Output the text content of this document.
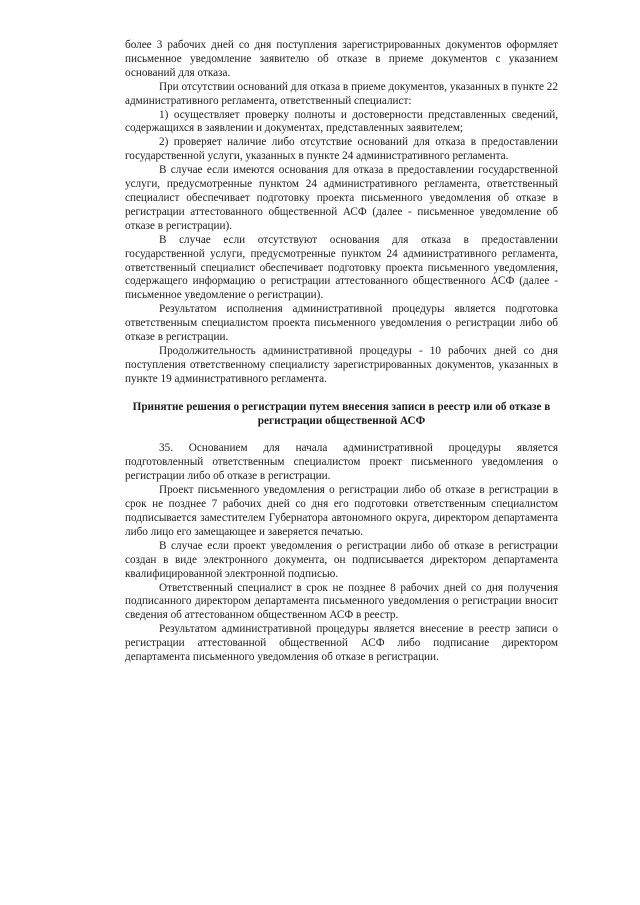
более 3 рабочих дней со дня поступления зарегистрированных документов оформляет письменное уведомление заявителю об отказе в приеме документов с указанием оснований для отказа.

При отсутствии оснований для отказа в приеме документов, указанных в пункте 22 административного регламента, ответственный специалист:

1) осуществляет проверку полноты и достоверности представленных сведений, содержащихся в заявлении и документах, представленных заявителем;

2) проверяет наличие либо отсутствие оснований для отказа в предоставлении государственной услуги, указанных в пункте 24 административного регламента.

В случае если имеются основания для отказа в предоставлении государственной услуги, предусмотренные пунктом 24 административного регламента, ответственный специалист обеспечивает подготовку проекта письменного уведомления об отказе в регистрации аттестованного общественной АСФ (далее - письменное уведомление об отказе в регистрации).

В случае если отсутствуют основания для отказа в предоставлении государственной услуги, предусмотренные пунктом 24 административного регламента, ответственный специалист обеспечивает подготовку проекта письменного уведомления, содержащего информацию о регистрации аттестованного общественного АСФ (далее - письменное уведомление о регистрации).

Результатом исполнения административной процедуры является подготовка ответственным специалистом проекта письменного уведомления о регистрации либо об отказе в регистрации.

Продолжительность административной процедуры - 10 рабочих дней со дня поступления ответственному специалисту зарегистрированных документов, указанных в пункте 19 административного регламента.

Принятие решения о регистрации путем внесения записи в реестр или об отказе в регистрации общественной АСФ

35. Основанием для начала административной процедуры является подготовленный ответственным специалистом проект письменного уведомления о регистрации либо об отказе в регистрации.

Проект письменного уведомления о регистрации либо об отказе в регистрации в срок не позднее 7 рабочих дней со дня его подготовки ответственным специалистом подписывается заместителем Губернатора автономного округа, директором департамента либо лицо его замещающее и заверяется печатью.

В случае если проект уведомления о регистрации либо об отказе в регистрации создан в виде электронного документа, он подписывается директором департамента квалифицированной электронной подписью.

Ответственный специалист в срок не позднее 8 рабочих дней со дня получения подписанного директором департамента письменного уведомления о регистрации вносит сведения об аттестованном общественном АСФ в реестр.

Результатом административной процедуры является внесение в реестр записи о регистрации аттестованной общественной АСФ либо подписание директором департамента письменного уведомления об отказе в регистрации.
